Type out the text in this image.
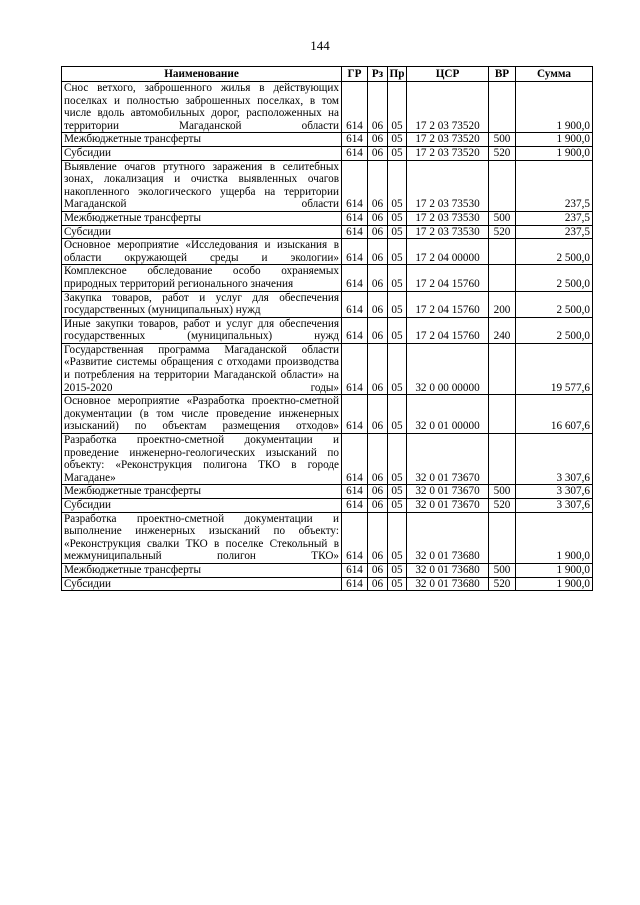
144
Наименование	ГР	Рз	Пр	ЦСР	ВР	Сумма
Снос ветхого, заброшенного жилья в действующих поселках и полностью заброшенных поселках, в том числе вдоль автомобильных дорог, расположенных на территории Магаданской области	614	06	05	17 2 03 73520		1 900,0
Межбюджетные трансферты	614	06	05	17 2 03 73520	500	1 900,0
Субсидии	614	06	05	17 2 03 73520	520	1 900,0
Выявление очагов ртутного заражения в селитебных зонах, локализация и очистка выявленных очагов накопленного экологического ущерба на территории Магаданской области	614	06	05	17 2 03 73530		237,5
Межбюджетные трансферты	614	06	05	17 2 03 73530	500	237,5
Субсидии	614	06	05	17 2 03 73530	520	237,5
Основное мероприятие «Исследования и изыскания в области окружающей среды и экологии»	614	06	05	17 2 04 00000		2 500,0
Комплексное обследование особо охраняемых природных территорий регионального значения	614	06	05	17 2 04 15760		2 500,0
Закупка товаров, работ и услуг для обеспечения государственных (муниципальных) нужд	614	06	05	17 2 04 15760	200	2 500,0
Иные закупки товаров, работ и услуг для обеспечения государственных (муниципальных) нужд	614	06	05	17 2 04 15760	240	2 500,0
Государственная программа Магаданской области «Развитие системы обращения с отходами производства и потребления на территории Магаданской области» на 2015-2020 годы»	614	06	05	32 0 00 00000		19 577,6
Основное мероприятие «Разработка проектно-сметной документации (в том числе проведение инженерных изысканий) по объектам размещения отходов»	614	06	05	32 0 01 00000		16 607,6
Разработка проектно-сметной документации и проведение инженерно-геологических изысканий по объекту: «Реконструкция полигона ТКО в городе Магадане»	614	06	05	32 0 01 73670		3 307,6
Межбюджетные трансферты	614	06	05	32 0 01 73670	500	3 307,6
Субсидии	614	06	05	32 0 01 73670	520	3 307,6
Разработка проектно-сметной документации и выполнение инженерных изысканий по объекту: «Реконструкция свалки ТКО в поселке Стекольный в межмуниципальный полигон ТКО»	614	06	05	32 0 01 73680		1 900,0
Межбюджетные трансферты	614	06	05	32 0 01 73680	500	1 900,0
Субсидии	614	06	05	32 0 01 73680	520	1 900,0
